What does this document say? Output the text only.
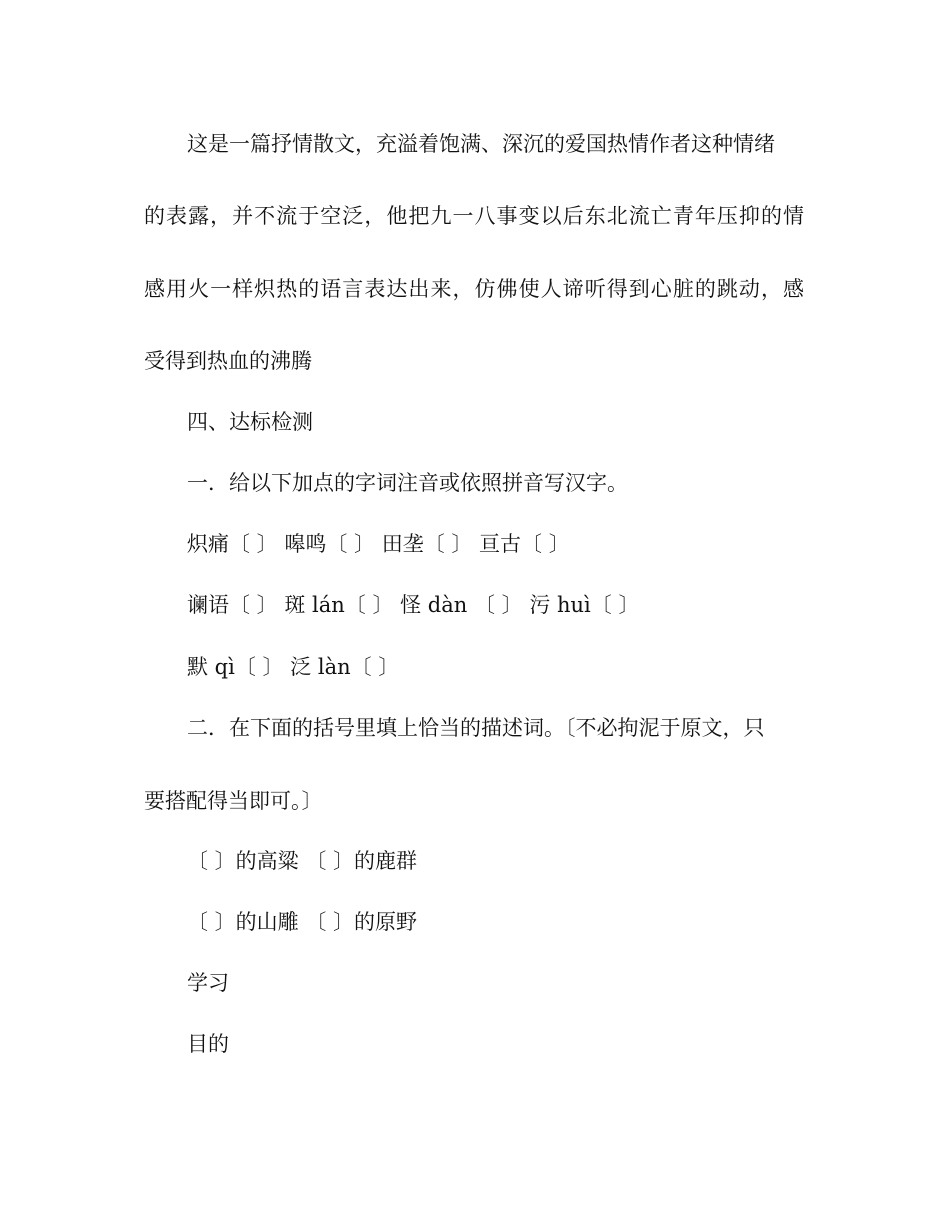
这是一篇抒情散文，充溢着饱满、深沉的爱国热情作者这种情绪
的表露，并不流于空泛，他把九一八事变以后东北流亡青年压抑的情
感用火一样炽热的语言表达出来，仿佛使人谛听得到心脏的跳动，感
受得到热血的沸腾
四、达标检测
一．给以下加点的字词注音或依照拼音写汉字。
炽痛〔 〕 嗥鸣〔 〕 田垄〔 〕 亘古〔 〕
谰语〔 〕 斑 lán〔 〕 怪 dàn 〔 〕 污 huì〔 〕
默 qì〔 〕 泛 làn〔 〕
二．在下面的括号里填上恰当的描述词。〔不必拘泥于原文，只
要搭配得当即可。〕
〔 〕的高粱 〔 〕的鹿群
〔 〕的山雕 〔 〕的原野
学习
目的
